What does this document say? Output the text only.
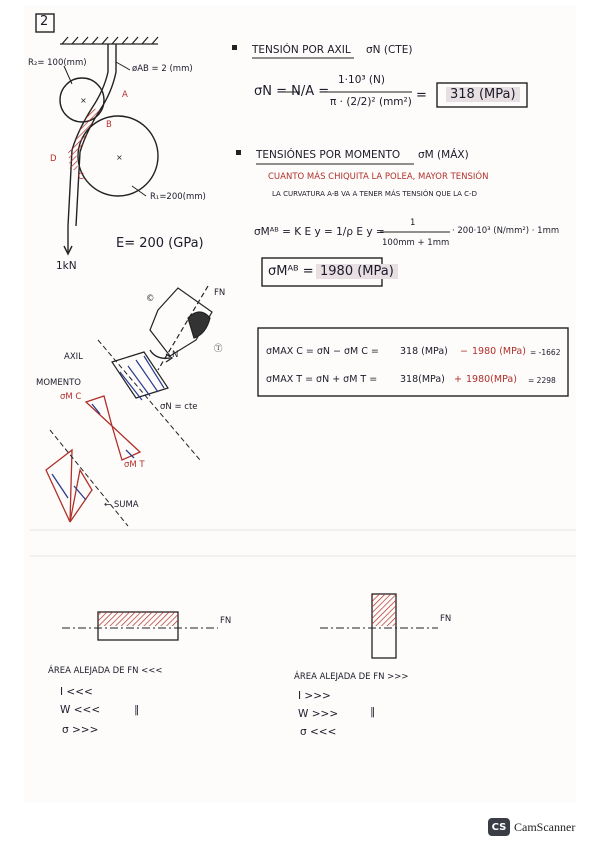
×
×
2
R₂= 100(mm)
øAB = 2 (mm)
A
B
C
D
R₁=200(mm)
E= 200 (GPa)
1kN
TENSIÓN POR AXIL σN (CTE)
σN = N/A =
1·10³ (N)
π · (2/2)² (mm²) =	318 (MPa)
TENSIÓNES POR MOMENTO σM (MÁX)
CUANTO MÁS CHIQUITA LA POLEA, MAYOR TENSIÓN
LA CURVATURA A-B VA A TENER MÁS TENSIÓN QUE LA C-D
σMᴬᴮ = K E y = 1/ρ E y =
1
100mm + 1mm
· 200·10³ (N/mm²) · 1mm
σMᴬᴮ = 1980 (MPa)
σMAX C = σN − σM C = 318 (MPa) − 1980 (MPa) = -1662
σMAX T = σN + σM T = 318(MPa) + 1980(MPa) = 2298
FN
©
Ⓣ
N
AXIL
σN = cte
MOMENTO
σM C
σM T
← SUMA
FN
ÁREA ALEJADA DE FN <<<
I <<<
W <<<
σ >>>
∥
FN
ÁREA ALEJADA DE FN >>>
I >>>
W >>>
σ <<<
∥
CS CamScanner
